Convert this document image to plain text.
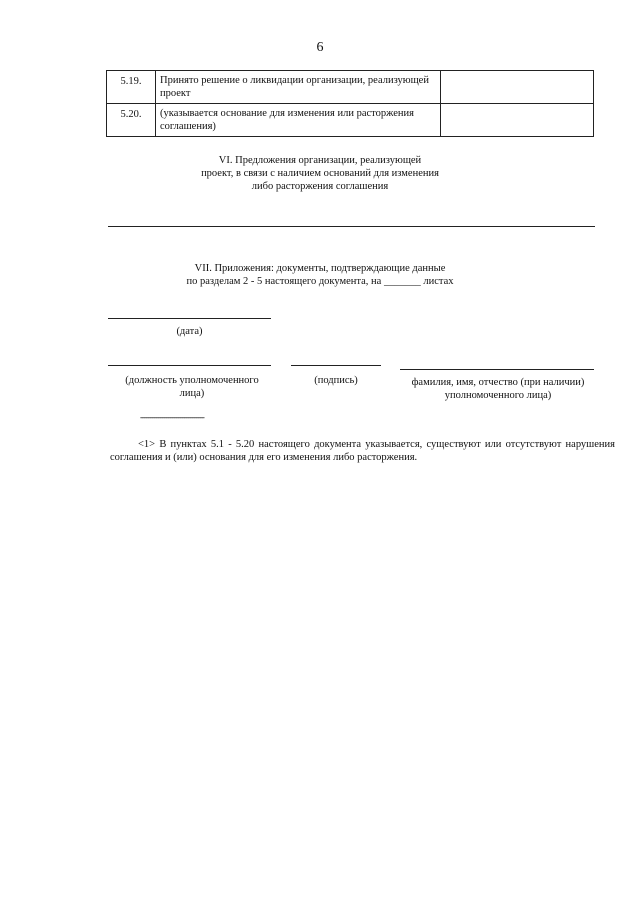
6
5.19.	Принято решение о ликвидации организации, реализующей проект	
5.20.	(указывается основание для изменения или расторжения соглашения)	
VI. Предложения организации, реализующей
проект, в связи с наличием оснований для изменения
либо расторжения соглашения
VII. Приложения: документы, подтверждающие данные
по разделам 2 - 5 настоящего документа, на _______ листах
(дата)
(должность уполномоченного лица)
(подпись)	фамилия, имя, отчество (при наличии) уполномоченного лица)
--------------------------------
<1> В пунктах 5.1 - 5.20 настоящего документа указывается, существуют или отсутствуют нарушения соглашения и (или) основания для его изменения либо расторжения.
